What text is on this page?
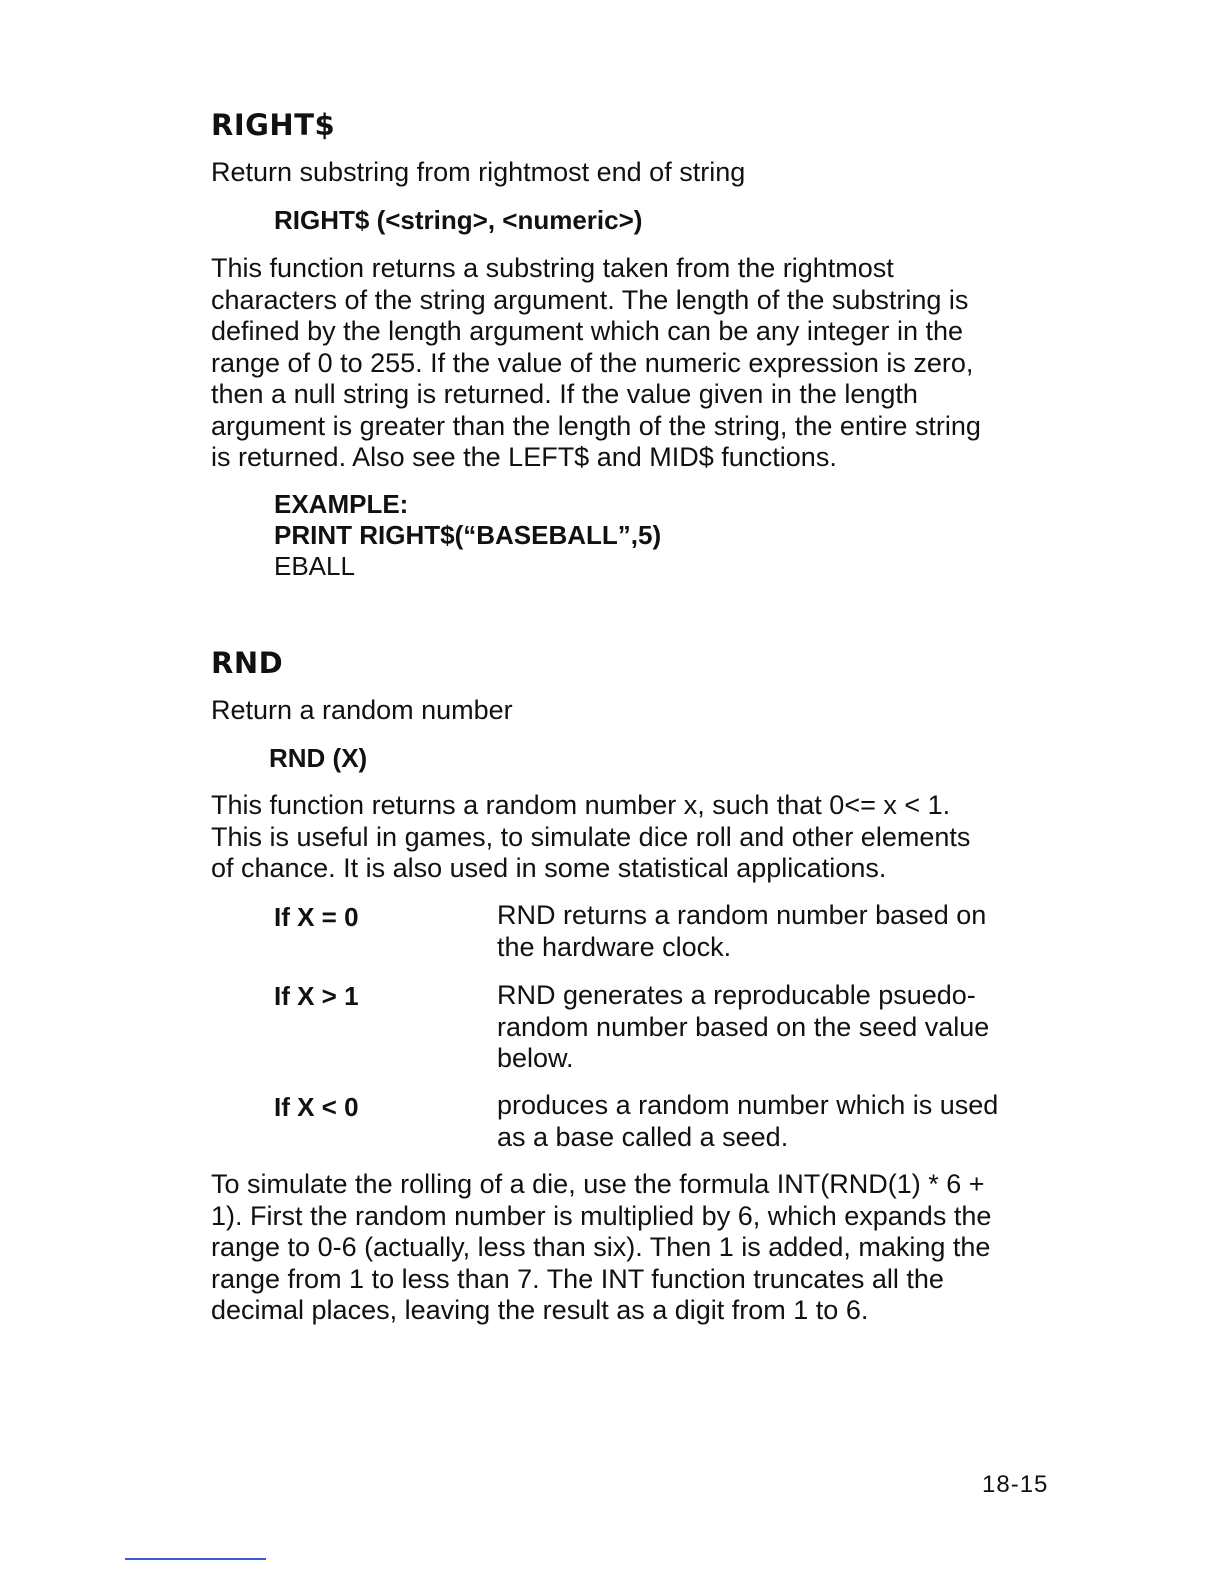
RIGHT$

Return substring from rightmost end of string

RIGHT$ (<string>, <numeric>)

This function returns a substring taken from the rightmost
characters of the string argument. The length of the substring is
defined by the length argument which can be any integer in the
range of 0 to 255. If the value of the numeric expression is zero,
then a null string is returned. If the value given in the length
argument is greater than the length of the string, the entire string
is returned. Also see the LEFT$ and MID$ functions.
EXAMPLE:
PRINT RIGHT$(“BASEBALL”,5)
EBALL
RND

Return a random number

RND (X)

This function returns a random number x, such that 0<= x < 1.
This is useful in games, to simulate dice roll and other elements
of chance. It is also used in some statistical applications.
If X = 0	RND returns a random number based on
the hardware clock.
If X > 1	RND generates a reproducable psuedo-
random number based on the seed value
below.
If X < 0	produces a random number which is used
as a base called a seed.
To simulate the rolling of a die, use the formula INT(RND(1) * 6 +
1). First the random number is multiplied by 6, which expands the
range to 0-6 (actually, less than six). Then 1 is added, making the
range from 1 to less than 7. The INT function truncates all the
decimal places, leaving the result as a digit from 1 to 6.
18-15
